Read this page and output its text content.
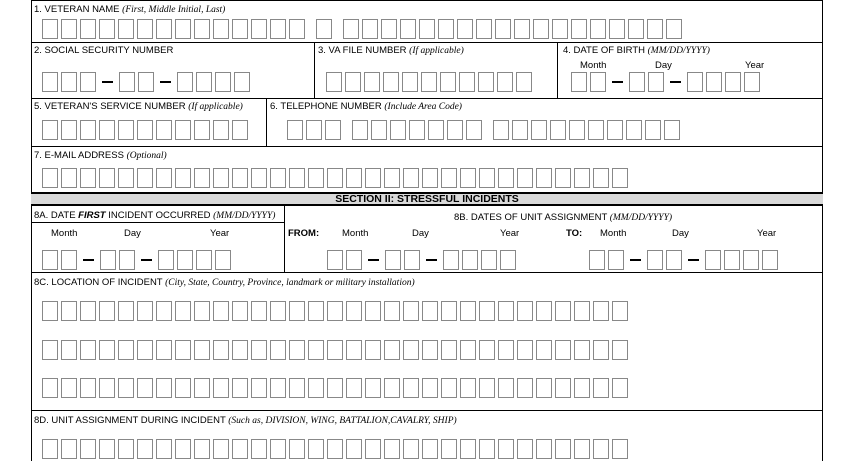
1. VETERAN NAME (First, Middle Initial, Last)
2. SOCIAL SECURITY NUMBER	3. VA FILE NUMBER (If applicable)	4. DATE OF BIRTH (MM/DD/YYYY)
Month	Day	Year
5. VETERAN'S SERVICE NUMBER (If applicable)	6. TELEPHONE NUMBER (Include Area Code)
7. E-MAIL ADDRESS (Optional)
SECTION II: STRESSFUL INCIDENTS
8A. DATE FIRST INCIDENT OCCURRED (MM/DD/YYYY)
Month	Day	Year
8B. DATES OF UNIT ASSIGNMENT (MM/DD/YYYY)
FROM: Month	Day	Year	TO: Month	Day	Year
8C. LOCATION OF INCIDENT (City, State, Country, Province, landmark or military installation)
8D. UNIT ASSIGNMENT DURING INCIDENT (Such as, DIVISION, WING, BATTALION,CAVALRY, SHIP)
